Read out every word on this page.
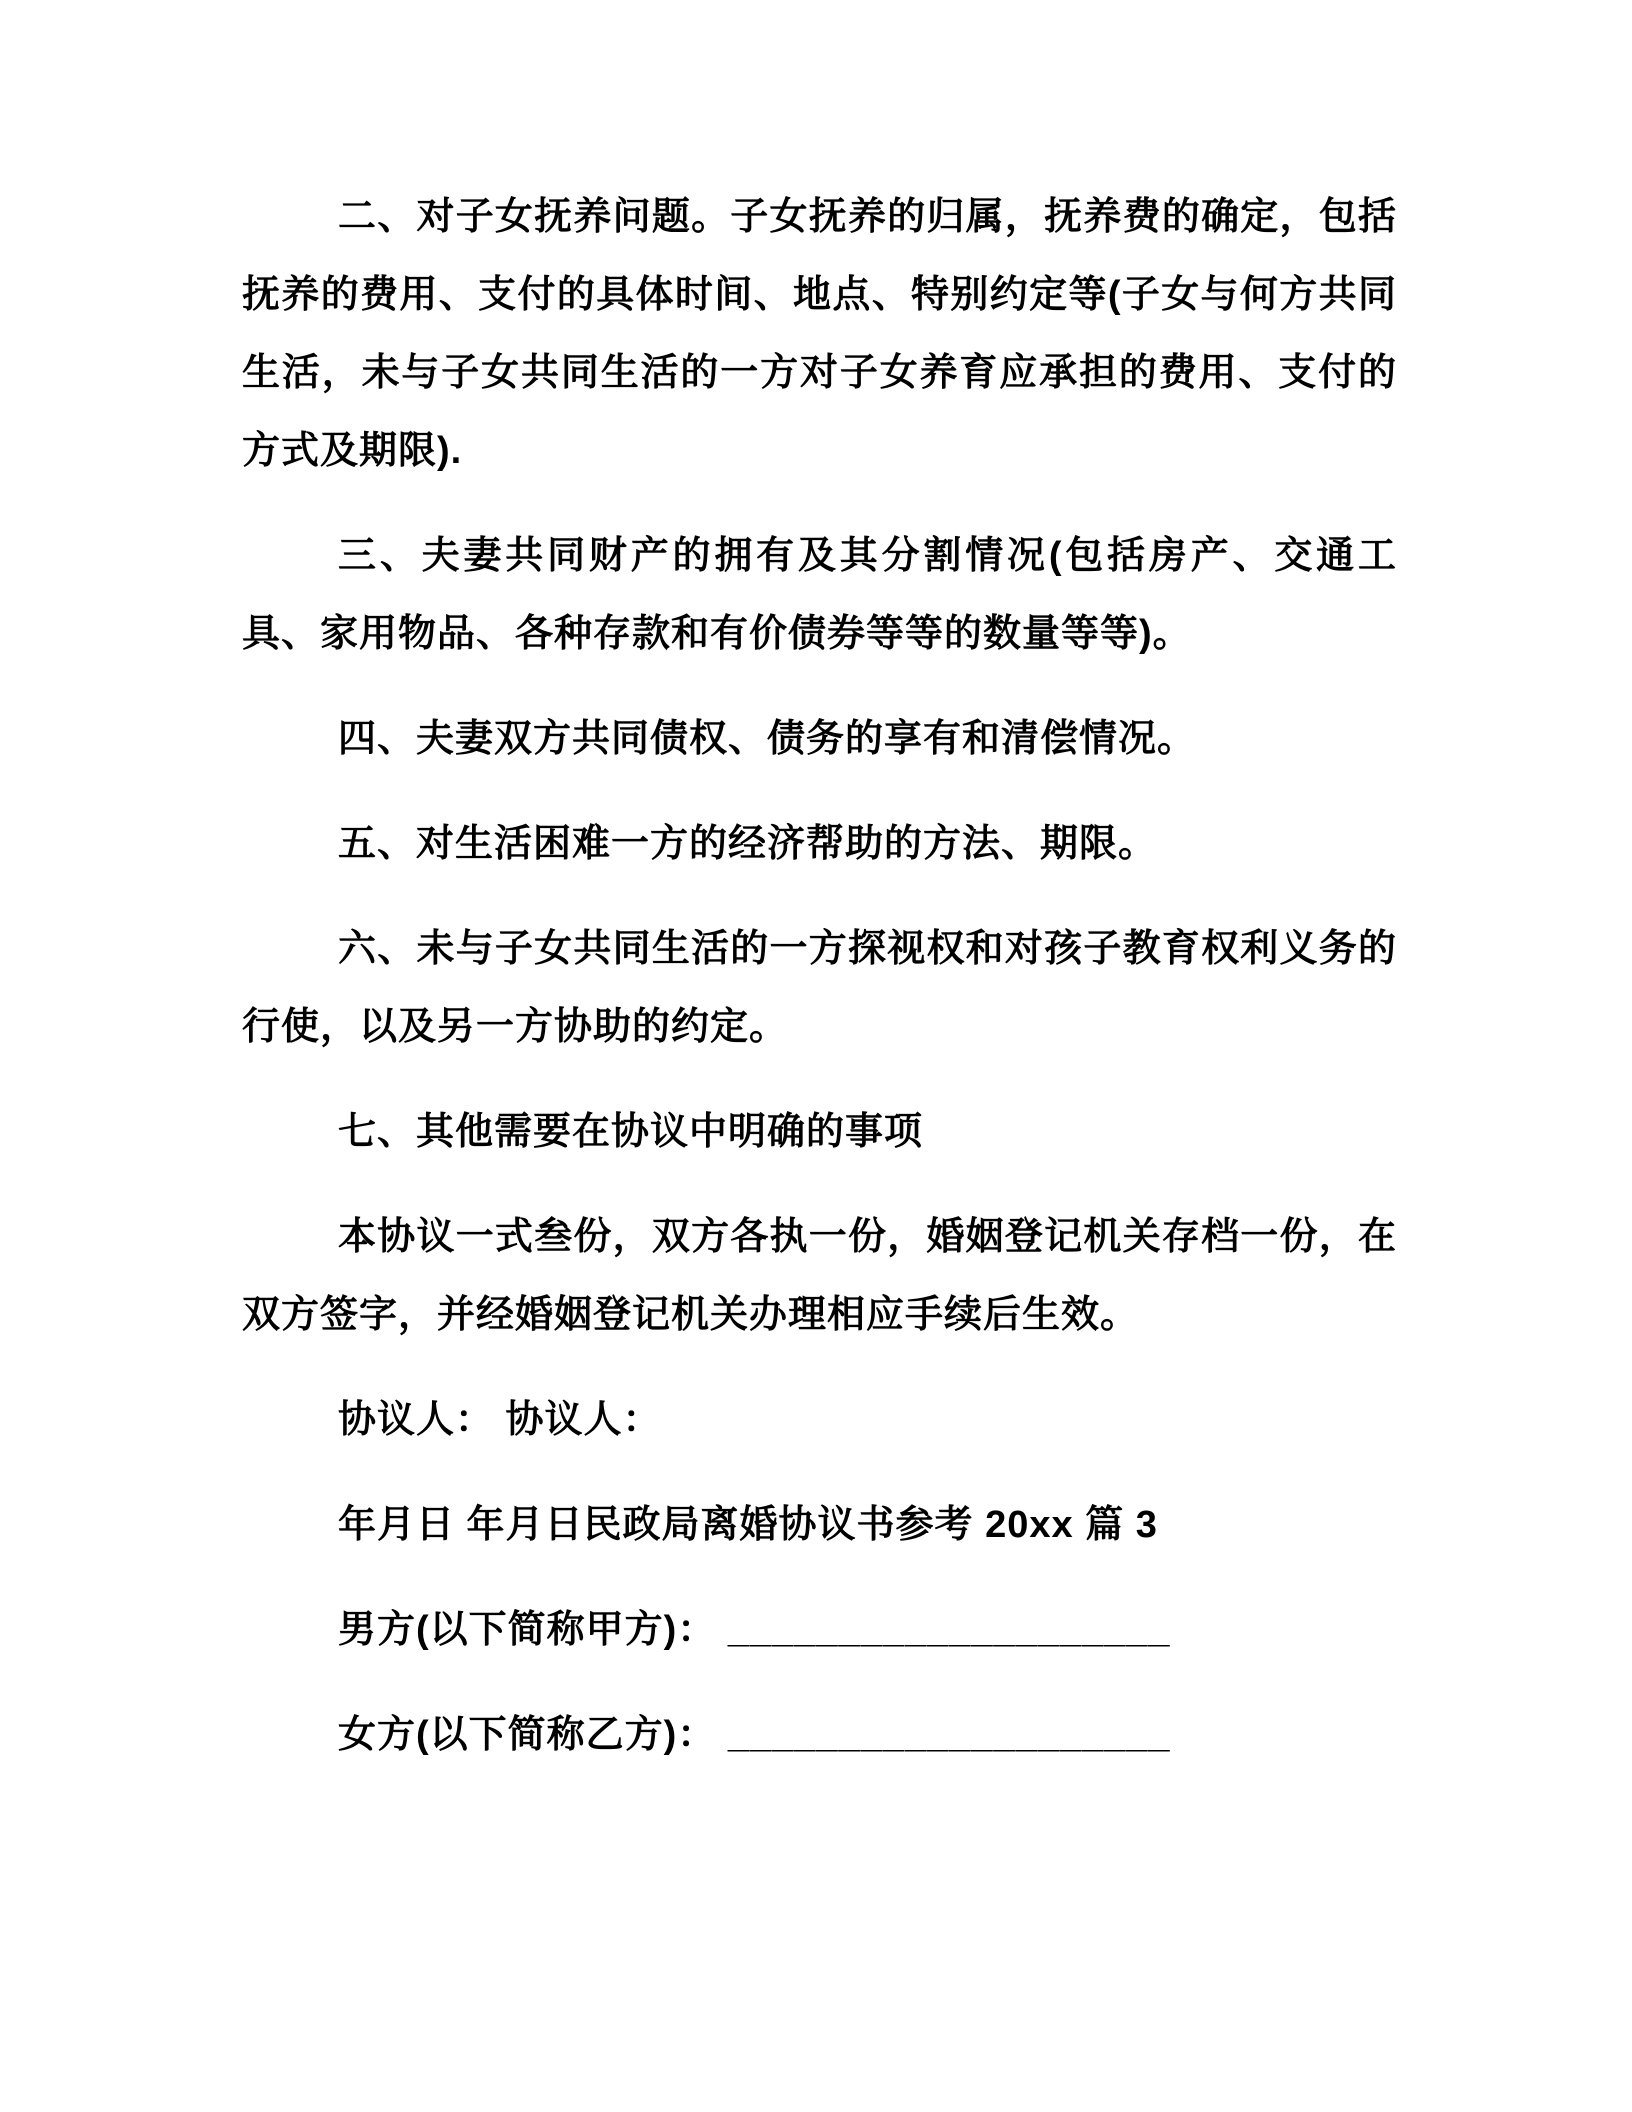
二、对子女抚养问题。子女抚养的归属，抚养费的确定，包括抚养的费用、支付的具体时间、地点、特别约定等(子女与何方共同生活，未与子女共同生活的一方对子女养育应承担的费用、支付的方式及期限).

三、夫妻共同财产的拥有及其分割情况(包括房产、交通工具、家用物品、各种存款和有价债券等等的数量等等)。

四、夫妻双方共同债权、债务的享有和清偿情况。

五、对生活困难一方的经济帮助的方法、期限。

六、未与子女共同生活的一方探视权和对孩子教育权利义务的行使，以及另一方协助的约定。

七、其他需要在协议中明确的事项

本协议一式叁份，双方各执一份，婚姻登记机关存档一份，在双方签字，并经婚姻登记机关办理相应手续后生效。

协议人： 协议人：

年月日 年月日民政局离婚协议书参考 20xx 篇 3

男方(以下简称甲方)： ____________________

女方(以下简称乙方)： ____________________
